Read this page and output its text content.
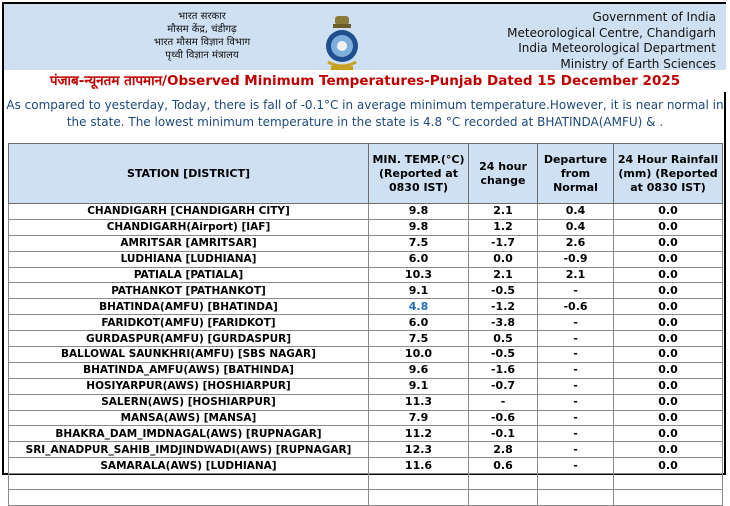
भारत सरकार
मौसम केंद्र, चंडीगढ़
भारत मौसम विज्ञान विभाग
पृथ्वी विज्ञान मंत्रालय
Government of India
Meteorological Centre, Chandigarh
India Meteorological Department
Ministry of Earth Sciences
पंजाब-न्यूनतम तापमान/Observed Minimum Temperatures-Punjab Dated 15 December 2025
As compared to yesterday, Today, there is fall of -0.1°C in average minimum temperature.However, it is near normal in the state. The lowest minimum temperature in the state is 4.8 °C recorded at BHATINDA(AMFU) & .
STATION [DISTRICT]	MIN. TEMP.(°C) (Reported at 0830 IST)	24 hour change	Departure from Normal	24 Hour Rainfall (mm) (Reported at 0830 IST)
CHANDIGARH [CHANDIGARH CITY]	9.8	2.1	0.4	0.0
CHANDIGARH(Airport) [IAF]	9.8	1.2	0.4	0.0
AMRITSAR [AMRITSAR]	7.5	-1.7	2.6	0.0
LUDHIANA [LUDHIANA]	6.0	0.0	-0.9	0.0
PATIALA [PATIALA]	10.3	2.1	2.1	0.0
PATHANKOT [PATHANKOT]	9.1	-0.5	-	0.0
BHATINDA(AMFU) [BHATINDA]	4.8	-1.2	-0.6	0.0
FARIDKOT(AMFU) [FARIDKOT]	6.0	-3.8	-	0.0
GURDASPUR(AMFU) [GURDASPUR]	7.5	0.5	-	0.0
BALLOWAL SAUNKHRI(AMFU) [SBS NAGAR]	10.0	-0.5	-	0.0
BHATINDA_AMFU(AWS) [BATHINDA]	9.6	-1.6	-	0.0
HOSIYARPUR(AWS) [HOSHIARPUR]	9.1	-0.7	-	0.0
SALERN(AWS) [HOSHIARPUR]	11.3	-	-	0.0
MANSA(AWS) [MANSA]	7.9	-0.6	-	0.0
BHAKRA_DAM_IMDNAGAL(AWS) [RUPNAGAR]	11.2	-0.1	-	0.0
SRI_ANADPUR_SAHIB_IMDJINDWADI(AWS) [RUPNAGAR]	12.3	2.8	-	0.0
SAMARALA(AWS) [LUDHIANA]	11.6	0.6	-	0.0
